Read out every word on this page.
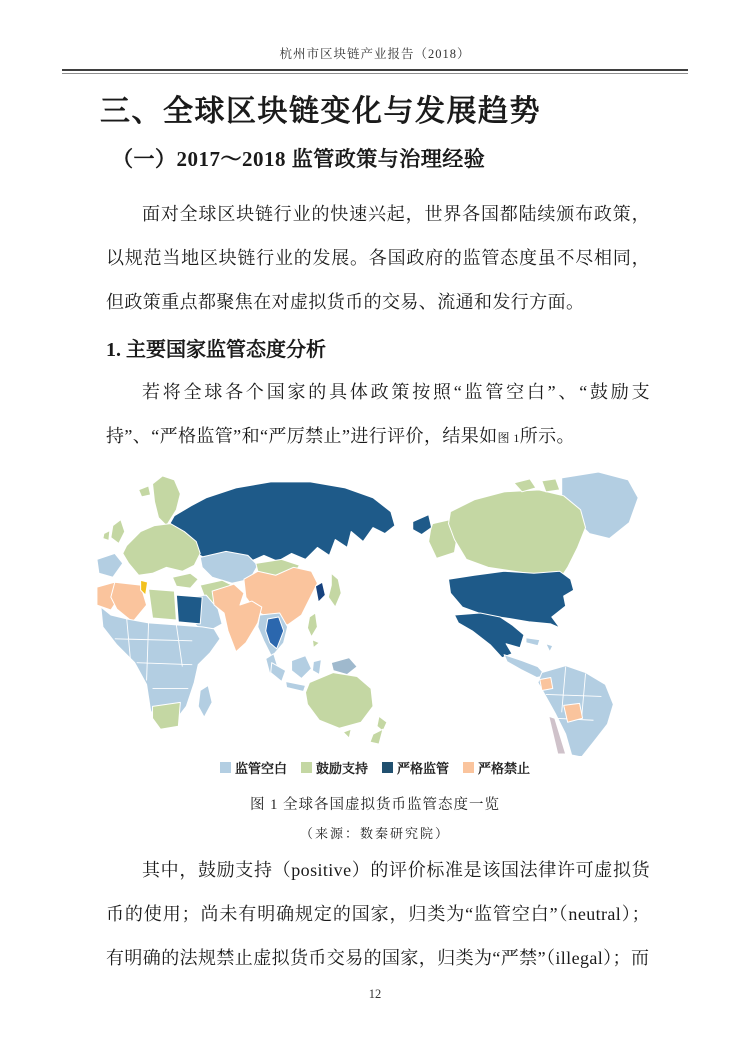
杭州市区块链产业报告（2018）
三、全球区块链变化与发展趋势
（一）2017～2018 监管政策与治理经验

面对全球区块链行业的快速兴起，世界各国都陆续颁布政策，以规范当地区块链行业的发展。各国政府的监管态度虽不尽相同，但政策重点都聚焦在对虚拟货币的交易、流通和发行方面。

1. 主要国家监管态度分析

若将全球各个国家的具体政策按照“监管空白”、“鼓励支持”、“严格监管”和“严厉禁止”进行评价，结果如图 1所示。

监管空白 鼓励支持 严格监管 严格禁止
图 1 全球各国虚拟货币监管态度一览
（来源：数秦研究院）

其中，鼓励支持（positive）的评价标准是该国法律许可虚拟货币的使用；尚未有明确规定的国家，归类为“监管空白”（neutral）；有明确的法规禁止虚拟货币交易的国家，归类为“严禁”（illegal）；而

12
